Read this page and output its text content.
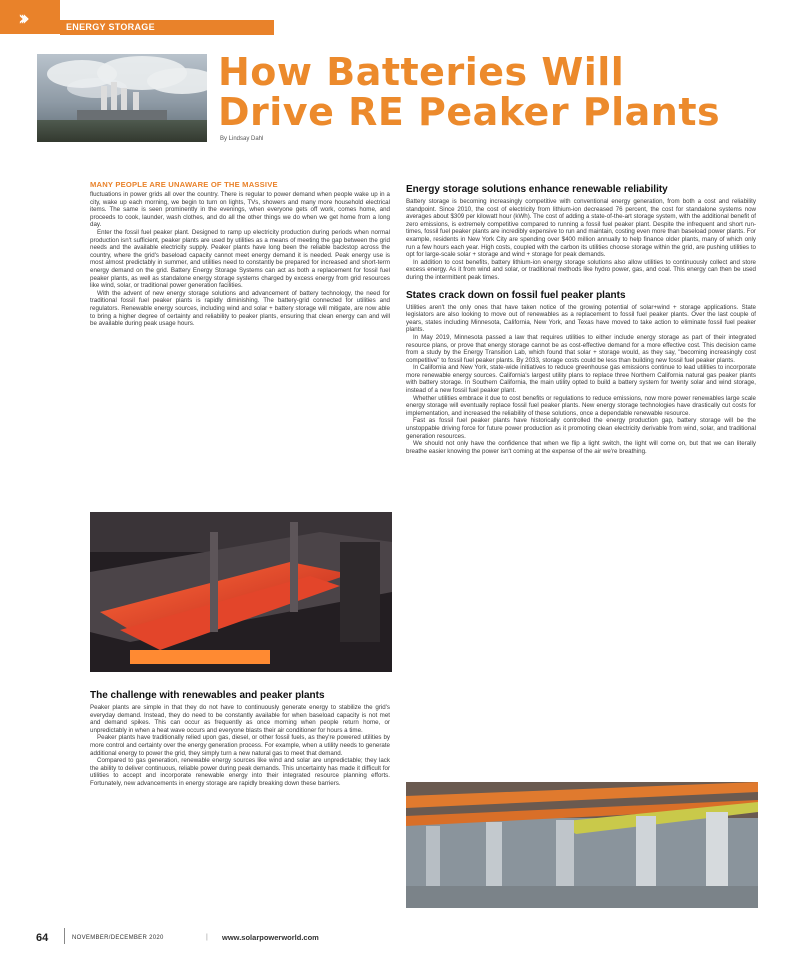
›››	ENERGY STORAGE
How Batteries Will
Drive RE Peaker Plants
By Lindsay Dahl
MANY PEOPLE ARE UNAWARE OF THE MASSIVE

fluctuations in power grids all over the country. There is regular to power demand when people wake up in a city, wake up each morning, we begin to turn on lights, TVs, showers and many more household electrical items. The same is seen prominently in the evenings, when everyone gets off work, comes home, and proceeds to cook, launder, wash clothes, and do all the other things we do when we get home from a long day.

Enter the fossil fuel peaker plant. Designed to ramp up electricity production during periods when normal production isn't sufficient, peaker plants are used by utilities as a means of meeting the gap between the grid needs and the available electricity supply. Peaker plants have long been the reliable backstop across the country, where the grid's baseload capacity cannot meet energy demand it is needed. Peak energy use is most almost predictably in summer, and utilities need to constantly be prepared for increased and short-term energy demand on the grid. Battery Energy Storage Systems can act as both a replacement for fossil fuel peaker plants, as well as standalone energy storage systems charged by excess energy from grid resources like wind, solar, or traditional power generation facilities.

With the advent of new energy storage solutions and advancement of battery technology, the need for traditional fossil fuel peaker plants is rapidly diminishing. The battery-grid connected for utilities and regulators. Renewable energy sources, including wind and solar + battery storage will mitigate, are now able to bring a higher degree of certainty and reliability to peaker plants, ensuring that clean energy can and will be available during peak usage hours.

The challenge with renewables and peaker plants

Peaker plants are simple in that they do not have to continuously generate energy to stabilize the grid's everyday demand. Instead, they do need to be constantly available for when baseload capacity is not met and demand spikes. This can occur as frequently as once morning when people return home, or unpredictably in when a heat wave occurs and everyone blasts their air conditioner for hours a time.

Peaker plants have traditionally relied upon gas, diesel, or other fossil fuels, as they're powered utilities by more control and certainty over the energy generation process. For example, when a utility needs to generate additional energy to power the grid, they simply turn a new natural gas to meet that demand.

Compared to gas generation, renewable energy sources like wind and solar are unpredictable; they lack the ability to deliver continuous, reliable power during peak demands. This uncertainty has made it difficult for utilities to accept and incorporate renewable energy into their integrated resource planning efforts. Fortunately, new advancements in energy storage are rapidly breaking down these barriers.

Energy storage solutions enhance renewable reliability

Battery storage is becoming increasingly competitive with conventional energy generation, from both a cost and reliability standpoint. Since 2010, the cost of electricity from lithium-ion decreased 76 percent, the cost for standalone systems now averages about $309 per kilowatt hour (kWh). The cost of adding a state-of-the-art storage system, with the additional benefit of zero emissions, is extremely competitive compared to running a fossil fuel peaker plant. Despite the infrequent and short run-times, fossil fuel peaker plants are incredibly expensive to run and maintain, costing even more than baseload power plants. For example, residents in New York City are spending over $400 million annually to help finance older plants, many of which only run a few hours each year. High costs, coupled with the carbon its utilities choose storage within the grid, are pushing utilities to opt for large-scale solar + storage and wind + storage for peak demands.

In addition to cost benefits, battery lithium-ion energy storage solutions also allow utilities to continuously collect and store excess energy. As it from wind and solar, or traditional methods like hydro power, gas, and coal. This energy can then be used during the intermittent peak times.

States crack down on fossil fuel peaker plants

Utilities aren't the only ones that have taken notice of the growing potential of solar+wind + storage applications. State legislators are also looking to move out of renewables as a replacement to fossil fuel peaker plants. Over the last couple of years, states including Minnesota, California, New York, and Texas have moved to take action to eliminate fossil fuel peaker plants.

In May 2019, Minnesota passed a law that requires utilities to either include energy storage as part of their integrated resource plans, or prove that energy storage cannot be as cost-effective demand for a more effective cost. This decision came from a study by the Energy Transition Lab, which found that solar + storage would, as they say, "becoming increasingly cost competitive" to fossil fuel peaker plants. By 2033, storage costs could be less than building new fossil fuel peaker plants.

In California and New York, state-wide initiatives to reduce greenhouse gas emissions continue to lead utilities to incorporate more renewable energy sources. California's largest utility plans to replace three Northern California natural gas peaker plants with battery storage. In Southern California, the main utility opted to build a battery system for twenty solar and wind storage, instead of a new fossil fuel peaker plant.

Whether utilities embrace it due to cost benefits or regulations to reduce emissions, now more power renewables large scale energy storage will eventually replace fossil fuel peaker plants. New energy storage technologies have drastically cut costs for implementation, and increased the reliability of these solutions, once a dependable renewable resource.

Fast as fossil fuel peaker plants have historically controlled the energy production gap, battery storage will be the unstoppable driving force for future power production as it promoting clean electricity derivable from wind, solar, and traditional generation resources.

We should not only have the confidence that when we flip a light switch, the light will come on, but that we can literally breathe easier knowing the power isn't coming at the expense of the air we're breathing.

64	NOVEMBER/DECEMBER 2020	| www.solarpowerworld.com
